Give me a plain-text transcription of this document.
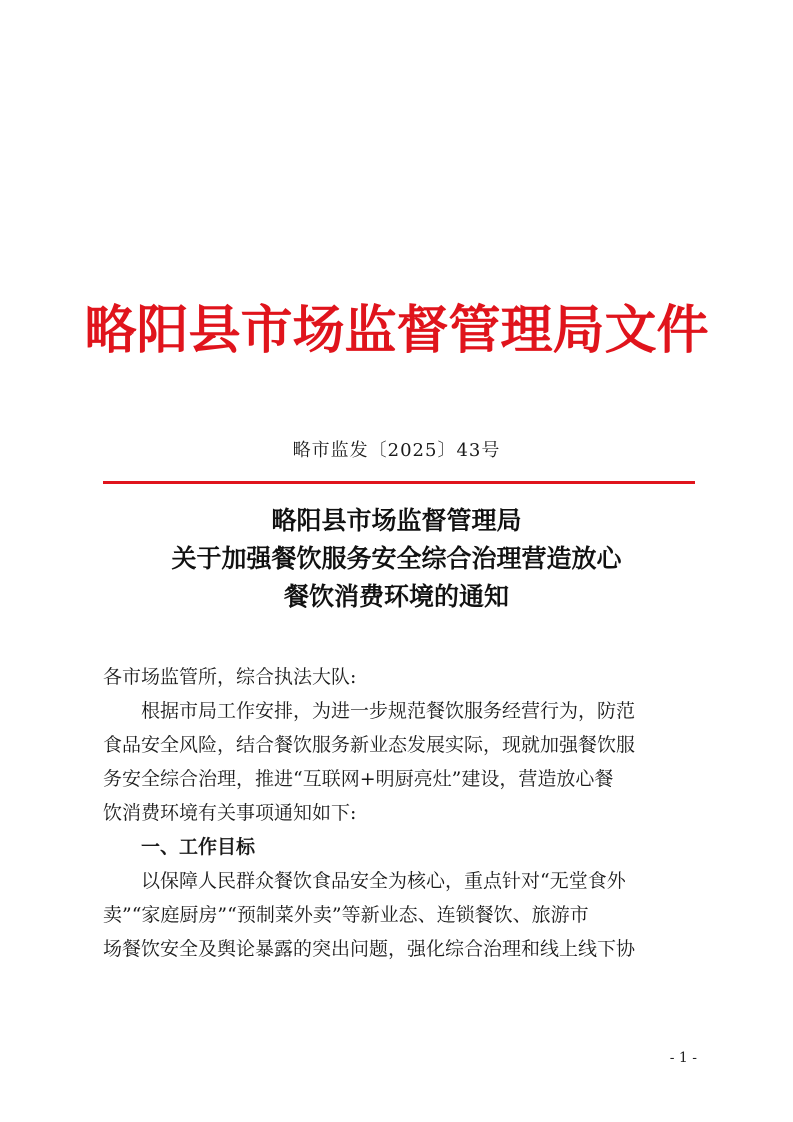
略阳县市场监督管理局文件
略市监发〔2025〕43号
略阳县市场监督管理局
关于加强餐饮服务安全综合治理营造放心
餐饮消费环境的通知
各市场监管所，综合执法大队:
根据市局工作安排，为进一步规范餐饮服务经营行为，防范
食品安全风险，结合餐饮服务新业态发展实际，现就加强餐饮服
务安全综合治理，推进“互联网+明厨亮灶”建设，营造放心餐
饮消费环境有关事项通知如下:
一、工作目标
以保障人民群众餐饮食品安全为核心，重点针对“无堂食外
卖”“家庭厨房”“预制菜外卖”等新业态、连锁餐饮、旅游市
场餐饮安全及舆论暴露的突出问题，强化综合治理和线上线下协
- 1 -
